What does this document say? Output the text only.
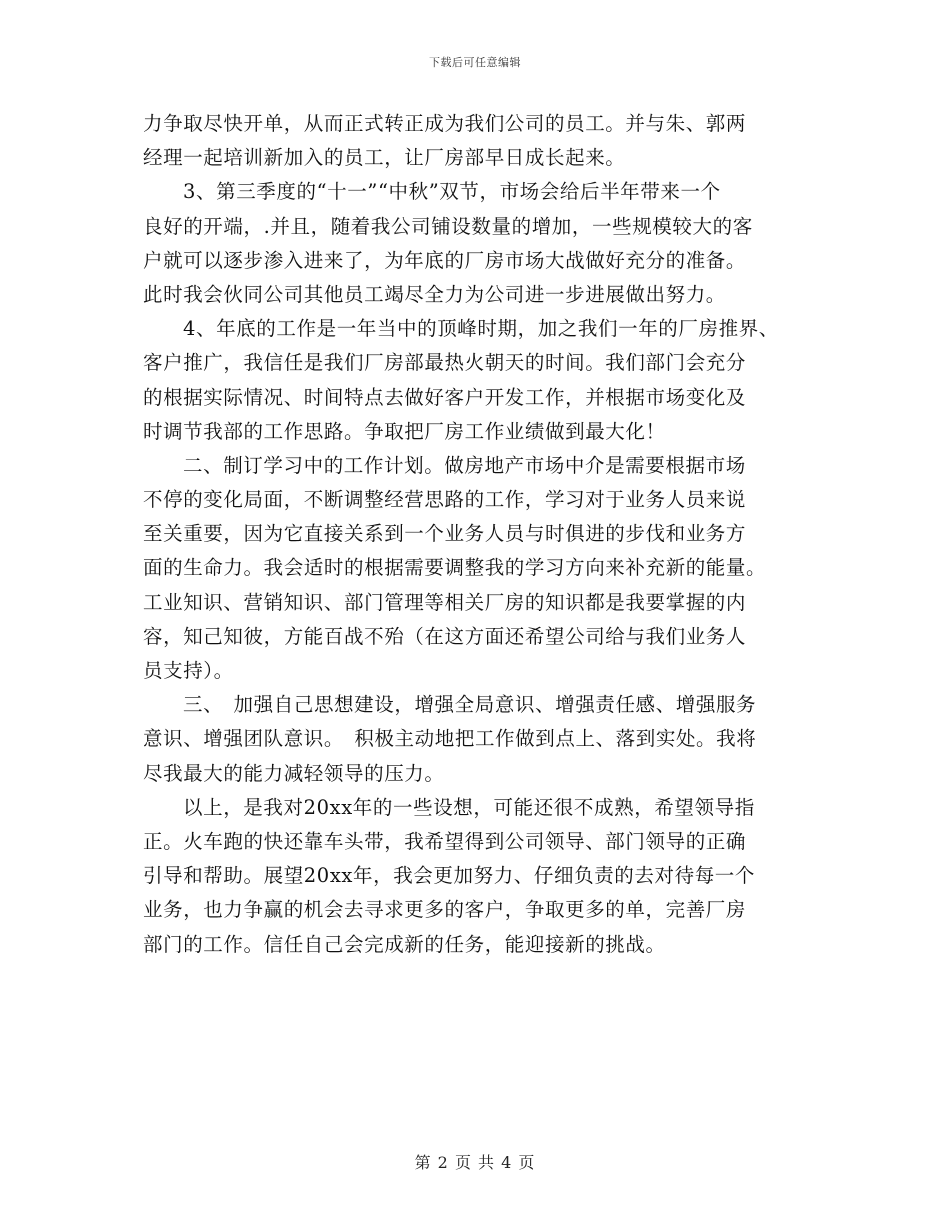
下载后可任意编辑
力争取尽快开单，从而正式转正成为我们公司的员工。并与朱、郭两
经理一起培训新加入的员工，让厂房部早日成长起来。
3、第三季度的“十一”“中秋”双节，市场会给后半年带来一个
良好的开端，.并且，随着我公司铺设数量的增加，一些规模较大的客
户就可以逐步渗入进来了，为年底的厂房市场大战做好充分的准备。
此时我会伙同公司其他员工竭尽全力为公司进一步进展做出努力。
4、年底的工作是一年当中的顶峰时期，加之我们一年的厂房推界、
客户推广，我信任是我们厂房部最热火朝天的时间。我们部门会充分
的根据实际情况、时间特点去做好客户开发工作，并根据市场变化及
时调节我部的工作思路。争取把厂房工作业绩做到最大化！
二、制订学习中的工作计划。做房地产市场中介是需要根据市场
不停的变化局面，不断调整经营思路的工作，学习对于业务人员来说
至关重要，因为它直接关系到一个业务人员与时俱进的步伐和业务方
面的生命力。我会适时的根据需要调整我的学习方向来补充新的能量。
工业知识、营销知识、部门管理等相关厂房的知识都是我要掌握的内
容，知己知彼，方能百战不殆（在这方面还希望公司给与我们业务人
员支持）。
三、　加强自己思想建设，增强全局意识、增强责任感、增强服务
意识、增强团队意识。　积极主动地把工作做到点上、落到实处。我将
尽我最大的能力减轻领导的压力。
以上，是我对20xx年的一些设想，可能还很不成熟，希望领导指
正。火车跑的快还靠车头带，我希望得到公司领导、部门领导的正确
引导和帮助。展望20xx年，我会更加努力、仔细负责的去对待每一个
业务，也力争赢的机会去寻求更多的客户，争取更多的单，完善厂房
部门的工作。信任自己会完成新的任务，能迎接新的挑战。
第 2 页 共 4 页
